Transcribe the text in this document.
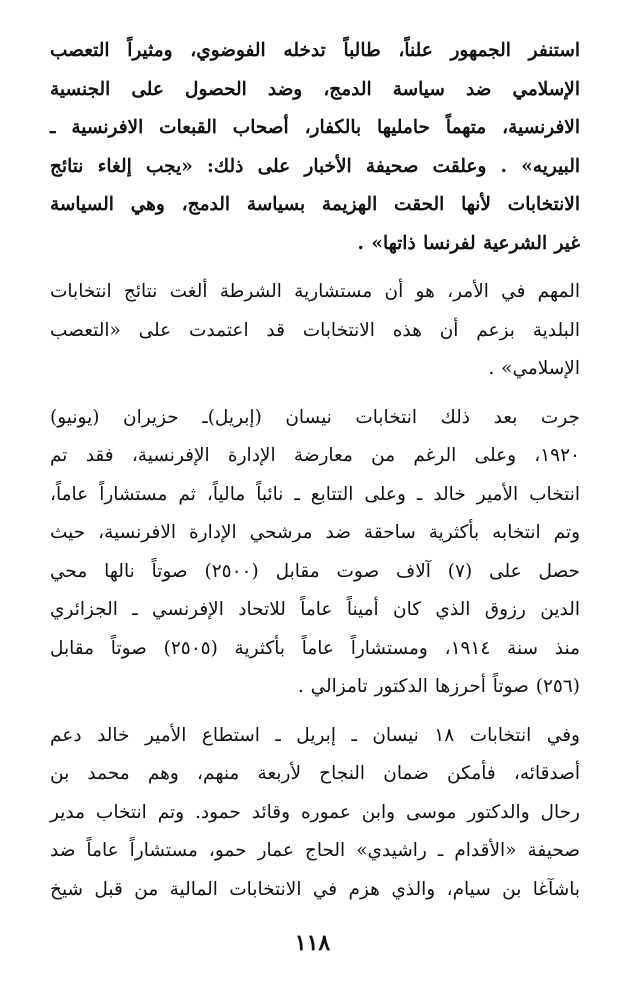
استنفر الجمهور علناً، طالباً تدخله الفوضوي، ومثيراً التعصب
الإسلامي ضد سياسة الدمج، وضد الحصول على الجنسية
الافرنسية، متهماً حامليها بالكفار، أصحاب القبعات الافرنسية ـ
البيريه» . وعلقت صحيفة الأخبار على ذلك: «يجب إلغاء نتائج
الانتخابات لأنها الحقت الهزيمة بسياسة الدمج، وهي السياسة
غير الشرعية لفرنسا ذاتها» .

المهم في الأمر، هو أن مستشارية الشرطة ألغت نتائج انتخابات
البلدية بزعم أن هذه الانتخابات قد اعتمدت على «التعصب
الإسلامي» .

جرت بعد ذلك انتخابات نيسان (إبريل)ـ حزيران (يونيو)
١٩٢٠، وعلى الرغم من معارضة الإدارة الإفرنسية، فقد تم
انتخاب الأمير خالد ـ وعلى التتابع ـ نائباً مالياً، ثم مستشاراً عاماً،
وتم انتخابه بأكثرية ساحقة ضد مرشحي الإدارة الافرنسية، حيث
حصل على (٧) آلاف صوت مقابل (٢٥٠٠) صوتاً نالها محي
الدين رزوق الذي كان أميناً عاماً للاتحاد الإفرنسي ـ الجزائري
منذ سنة ١٩١٤، ومستشاراً عاماً بأكثرية (٢٥٠٥) صوتاً مقابل
(٢٥٦) صوتاً أحرزها الدكتور تامزالي .

وفي انتخابات ١٨ نيسان ـ إبريل ـ استطاع الأمير خالد دعم
أصدقائه، فأمكن ضمان النجاح لأربعة منهم، وهم محمد بن
رحال والدكتور موسى وابن عموره وقائد حمود. وتم انتخاب مدير
صحيفة «الأقدام ـ راشيدي» الحاج عمار حمو، مستشاراً عاماً ضد
باشآغا بن سيام، والذي هزم في الانتخابات المالية من قبل شيخ

١١٨
